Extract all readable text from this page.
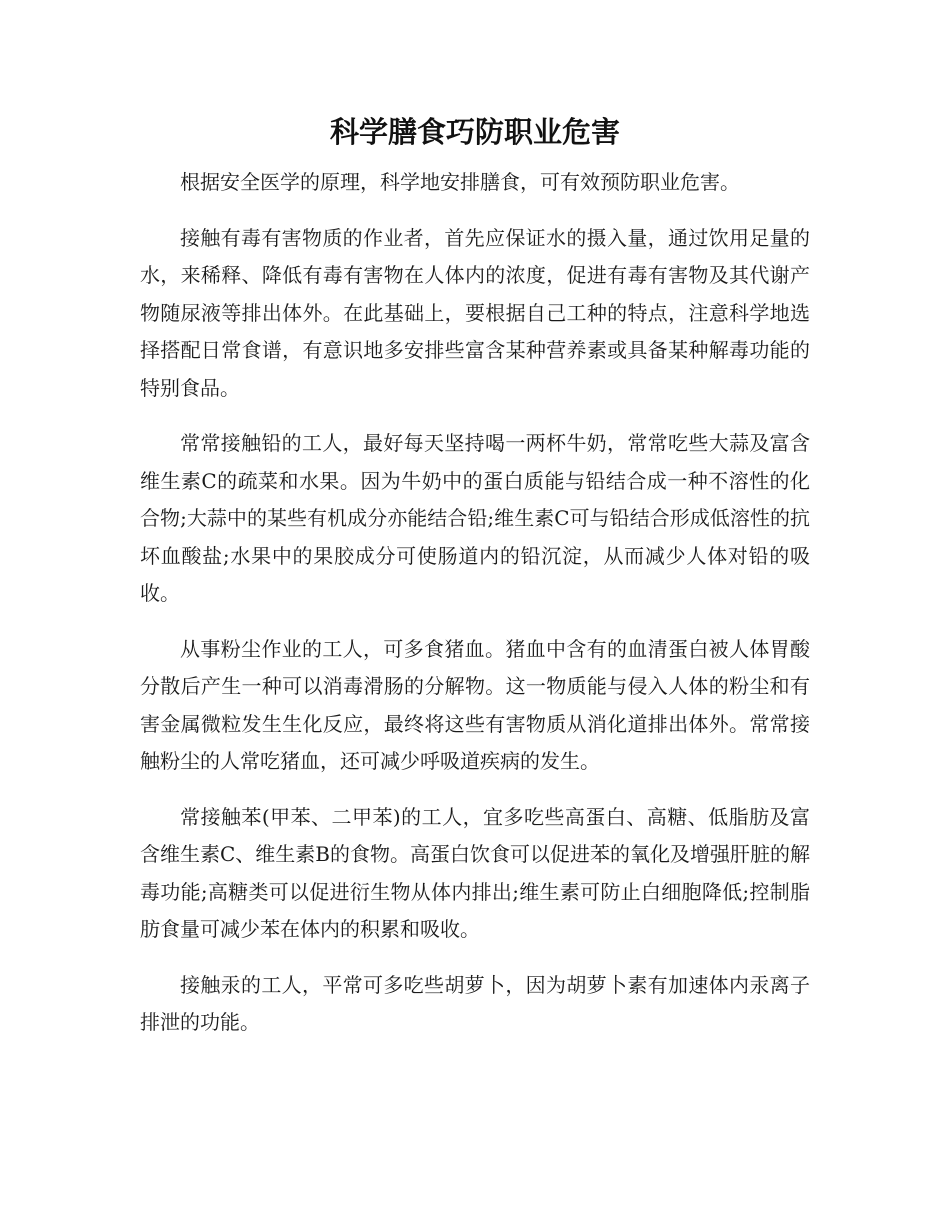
科学膳食巧防职业危害

根据安全医学的原理，科学地安排膳食，可有效预防职业危害。

接触有毒有害物质的作业者，首先应保证水的摄入量，通过饮用足量的水，来稀释、降低有毒有害物在人体内的浓度，促进有毒有害物及其代谢产物随尿液等排出体外。在此基础上，要根据自己工种的特点，注意科学地选择搭配日常食谱，有意识地多安排些富含某种营养素或具备某种解毒功能的特别食品。

常常接触铅的工人，最好每天坚持喝一两杯牛奶，常常吃些大蒜及富含维生素C的疏菜和水果。因为牛奶中的蛋白质能与铅结合成一种不溶性的化合物;大蒜中的某些有机成分亦能结合铅;维生素C可与铅结合形成低溶性的抗坏血酸盐;水果中的果胶成分可使肠道内的铅沉淀，从而减少人体对铅的吸收。

从事粉尘作业的工人，可多食猪血。猪血中含有的血清蛋白被人体胃酸分散后产生一种可以消毒滑肠的分解物。这一物质能与侵入人体的粉尘和有害金属微粒发生生化反应，最终将这些有害物质从消化道排出体外。常常接触粉尘的人常吃猪血，还可减少呼吸道疾病的发生。

常接触苯(甲苯、二甲苯)的工人，宜多吃些高蛋白、高糖、低脂肪及富含维生素C、维生素B的食物。高蛋白饮食可以促进苯的氧化及增强肝脏的解毒功能;高糖类可以促进衍生物从体内排出;维生素可防止白细胞降低;控制脂肪食量可减少苯在体内的积累和吸收。

接触汞的工人，平常可多吃些胡萝卜，因为胡萝卜素有加速体内汞离子排泄的功能。
